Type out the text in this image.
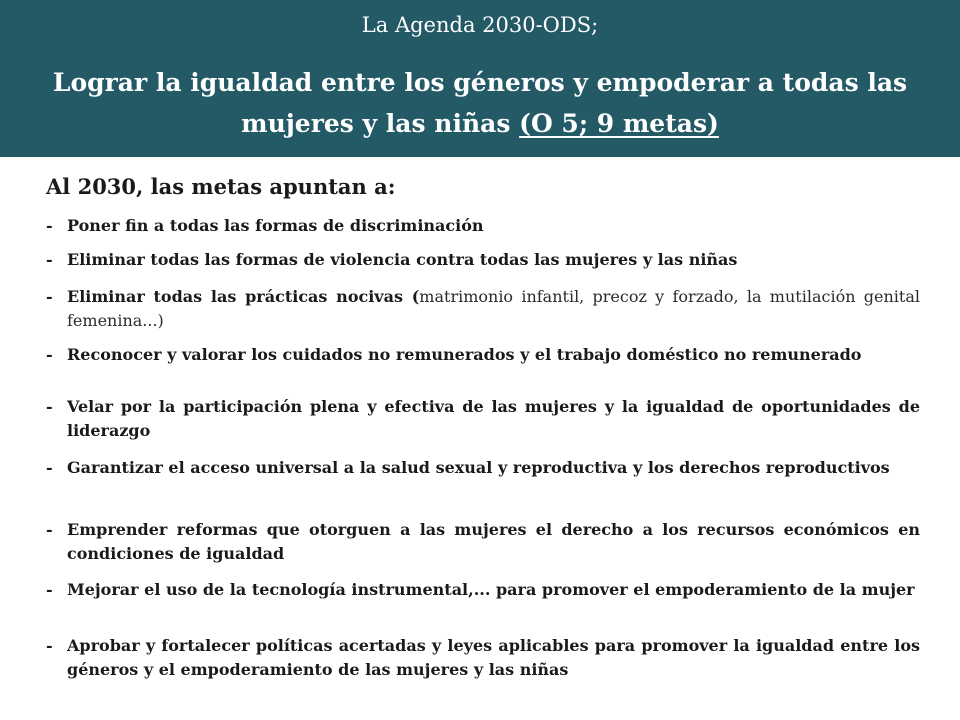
La Agenda 2030-ODS;
Lograr la igualdad entre los géneros y empoderar a todas las mujeres y las niñas (O 5; 9 metas)
Al 2030, las metas apuntan a:
- Poner fin a todas las formas de discriminación
- Eliminar todas las formas de violencia contra todas las mujeres y las niñas
- Eliminar todas las prácticas nocivas (matrimonio infantil, precoz y forzado, la mutilación genital femenina...)
- Reconocer y valorar los cuidados no remunerados y el trabajo doméstico no remunerado
- Velar por la participación plena y efectiva de las mujeres y la igualdad de oportunidades de liderazgo
- Garantizar el acceso universal a la salud sexual y reproductiva y los derechos reproductivos
- Emprender reformas que otorguen a las mujeres el derecho a los recursos económicos en condiciones de igualdad
- Mejorar el uso de la tecnología instrumental,... para promover el empoderamiento de la mujer
- Aprobar y fortalecer políticas acertadas y leyes aplicables para promover la igualdad entre los géneros y el empoderamiento de las mujeres y las niñas
